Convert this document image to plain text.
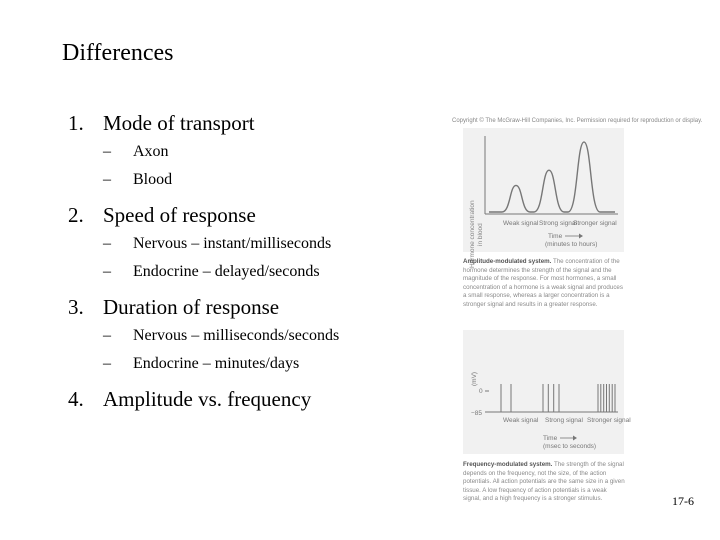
Differences
1. Mode of transport
– Axon
– Blood
2. Speed of response
– Nervous – instant/milliseconds
– Endocrine – delayed/seconds
3. Duration of response
– Nervous – milliseconds/seconds
– Endocrine – minutes/days
4. Amplitude vs. frequency
Copyright © The McGraw-Hill Companies, Inc. Permission required for reproduction or display.
Hormone concentration in blood	Weak signal Strong signal
Stronger signal
Time
(minutes to hours)
Amplitude-modulated system. The concentration of the hormone determines the strength of the signal and the magnitude of the response. For most hormones, a small concentration of a hormone is a weak signal and produces a small response, whereas a larger concentration is a stronger signal and results in a greater response.
(mV)
0
−85
Weak signal Strong signal Stronger signal
Time
(msec to seconds)
Frequency-modulated system. The strength of the signal depends on the frequency, not the size, of the action potentials. All action potentials are the same size in a given tissue. A low frequency of action potentials is a weak signal, and a high frequency is a stronger stimulus.	17-6
